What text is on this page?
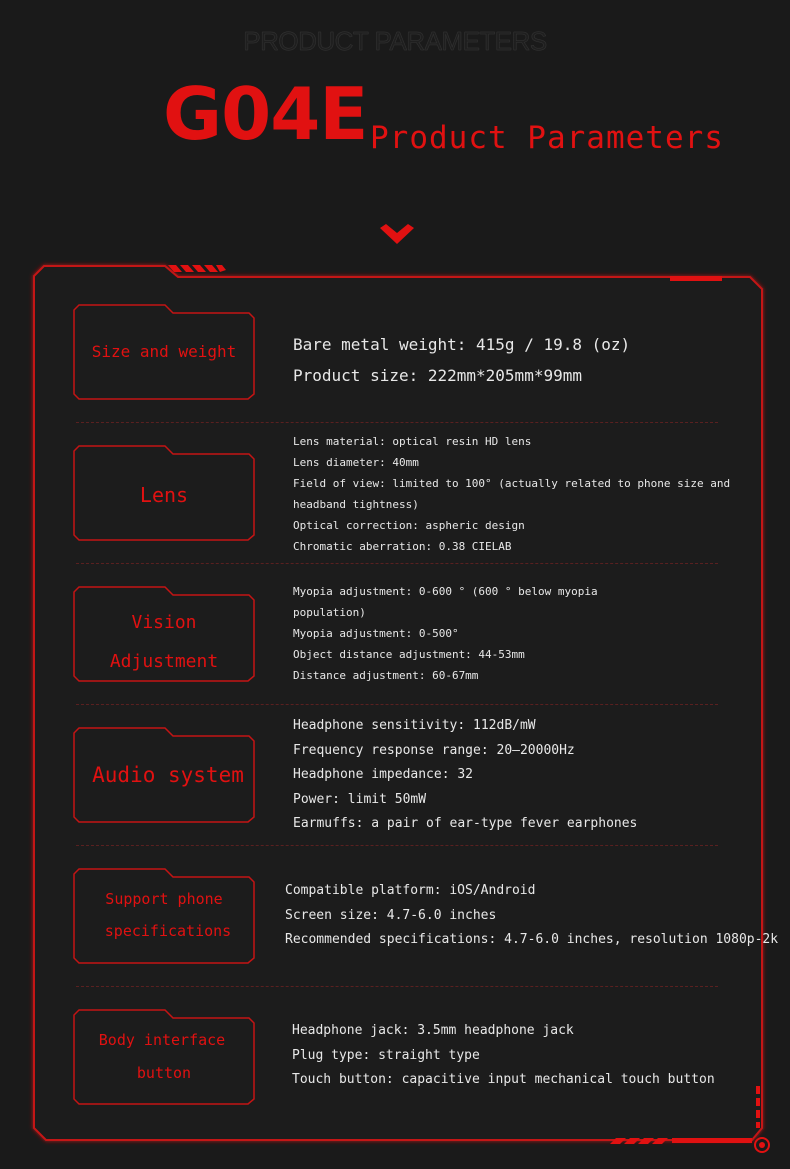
PRODUCT PARAMETERS
G04E Product Parameters
Size and weight	Bare metal weight: 415g / 19.8 (oz)
Product size: 222mm*205mm*99mm
Lens
Lens material: optical resin HD lens
Lens diameter: 40mm
Field of view: limited to 100° (actually related to phone size and
headband tightness)
Optical correction: aspheric design
Chromatic aberration: 0.38 CIELAB
Vision
Adjustment
Myopia adjustment: 0-600 ° (600 ° below myopia
population)
Myopia adjustment: 0-500°
Object distance adjustment: 44-53mm
Distance adjustment: 60-67mm
Audio system
Headphone sensitivity: 112dB/mW
Frequency response range: 20—20000Hz
Headphone impedance: 32
Power: limit 50mW
Earmuffs: a pair of ear-type fever earphones
Support phone
specifications
Compatible platform: iOS/Android
Screen size: 4.7-6.0 inches
Recommended specifications: 4.7-6.0 inches, resolution 1080p-2k
Body interface
button
Headphone jack: 3.5mm headphone jack
Plug type: straight type
Touch button: capacitive input mechanical touch button
